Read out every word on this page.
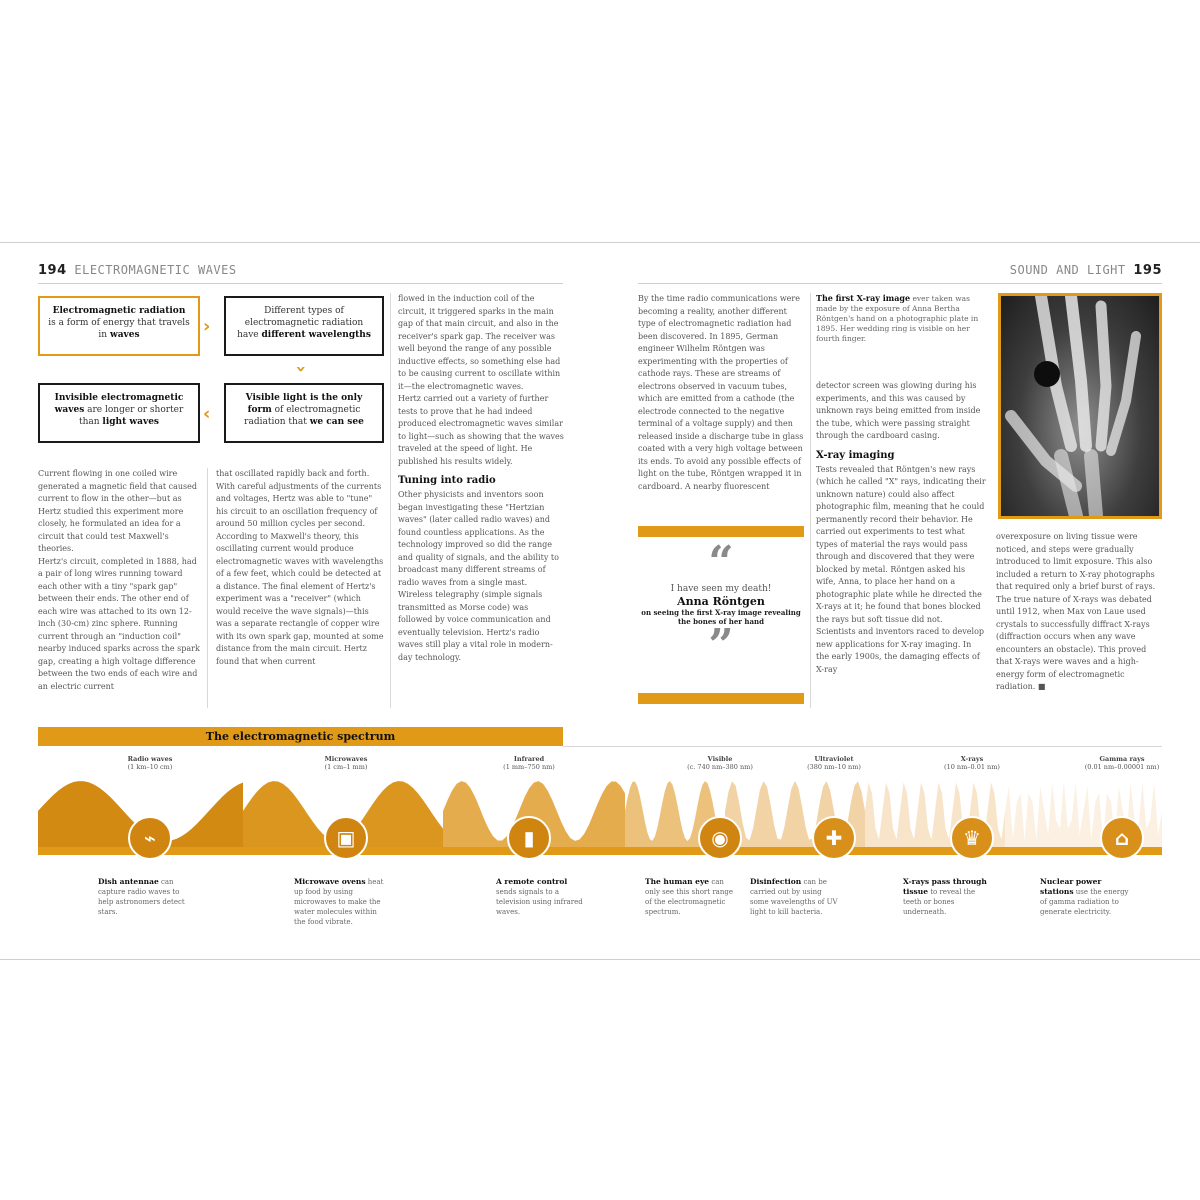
194 ELECTROMAGNETIC WAVES	SOUND AND LIGHT 195
Electromagnetic radiation is a form of energy that travels in waves	›
Different types of electromagnetic radiation have different wavelengths
›
Visible light is the only form of electromagnetic radiation that we can see
›
Invisible electromagnetic waves are longer or shorter than light waves
Current flowing in one coiled wire generated a magnetic field that caused current to flow in the other—but as Hertz studied this experiment more closely, he formulated an idea for a circuit that could test Maxwell's theories.
Hertz's circuit, completed in 1888, had a pair of long wires running toward each other with a tiny "spark gap" between their ends. The other end of each wire was attached to its own 12-inch (30-cm) zinc sphere. Running current through an "induction coil" nearby induced sparks across the spark gap, creating a high voltage difference between the two ends of each wire and an electric current
that oscillated rapidly back and forth. With careful adjustments of the currents and voltages, Hertz was able to "tune" his circuit to an oscillation frequency of around 50 million cycles per second.
According to Maxwell's theory, this oscillating current would produce electromagnetic waves with wavelengths of a few feet, which could be detected at a distance. The final element of Hertz's experiment was a "receiver" (which would receive the wave signals)—this was a separate rectangle of copper wire with its own spark gap, mounted at some distance from the main circuit. Hertz found that when current
flowed in the induction coil of the circuit, it triggered sparks in the main gap of that main circuit, and also in the receiver's spark gap. The receiver was well beyond the range of any possible inductive effects, so something else had to be causing current to oscillate within it—the electromagnetic waves.
Hertz carried out a variety of further tests to prove that he had indeed produced electromagnetic waves similar to light—such as showing that the waves traveled at the speed of light. He published his results widely.
Tuning into radio
Other physicists and inventors soon began investigating these "Hertzian waves" (later called radio waves) and found countless applications. As the technology improved so did the range and quality of signals, and the ability to broadcast many different streams of radio waves from a single mast. Wireless telegraphy (simple signals transmitted as Morse code) was followed by voice communication and eventually television. Hertz's radio waves still play a vital role in modern-day technology.
By the time radio communications were becoming a reality, another different type of electromagnetic radiation had been discovered. In 1895, German engineer Wilhelm Röntgen was experimenting with the properties of cathode rays. These are streams of electrons observed in vacuum tubes, which are emitted from a cathode (the electrode connected to the negative terminal of a voltage supply) and then released inside a discharge tube in glass coated with a very high voltage between its ends. To avoid any possible effects of light on the tube, Röntgen wrapped it in cardboard. A nearby fluorescent
“
I have seen my death!
Anna Röntgen
on seeing the first X-ray image revealing the bones of her hand
”
The first X-ray image ever taken was made by the exposure of Anna Bertha Röntgen's hand on a photographic plate in 1895. Her wedding ring is visible on her fourth finger.
detector screen was glowing during his experiments, and this was caused by unknown rays being emitted from inside the tube, which were passing straight through the cardboard casing.
X-ray imaging
Tests revealed that Röntgen's new rays (which he called "X" rays, indicating their unknown nature) could also affect photographic film, meaning that he could permanently record their behavior. He carried out experiments to test what types of material the rays would pass through and discovered that they were blocked by metal. Röntgen asked his wife, Anna, to place her hand on a photographic plate while he directed the X-rays at it; he found that bones blocked the rays but soft tissue did not.
Scientists and inventors raced to develop new applications for X-ray imaging. In the early 1900s, the damaging effects of X-ray
overexposure on living tissue were noticed, and steps were gradually introduced to limit exposure. This also included a return to X-ray photographs that required only a brief burst of rays. The true nature of X-rays was debated until 1912, when Max von Laue used crystals to successfully diffract X-rays (diffraction occurs when any wave encounters an obstacle). This proved that X-rays were waves and a high-energy form of electromagnetic radiation. ■
The electromagnetic spectrum
Radio waves
(1 km–10 cm)
Microwaves
(1 cm–1 mm)
Infrared
(1 mm–750 nm)
Visible
(c. 740 nm–380 nm)
Ultraviolet
(380 nm–10 nm)
X-rays
(10 nm–0.01 nm)
Gamma rays
(0.01 nm–0.00001 nm)
⌁	▣	▮	◉	✚	♛	⌂
Dish antennae can capture radio waves to help astronomers detect stars.
Microwave ovens heat up food by using microwaves to make the water molecules within the food vibrate.
A remote control sends signals to a television using infrared waves.
The human eye can only see this short range of the electromagnetic spectrum.
Disinfection can be carried out by using some wavelengths of UV light to kill bacteria.
X-rays pass through tissue to reveal the teeth or bones underneath.
Nuclear power stations use the energy of gamma radiation to generate electricity.
